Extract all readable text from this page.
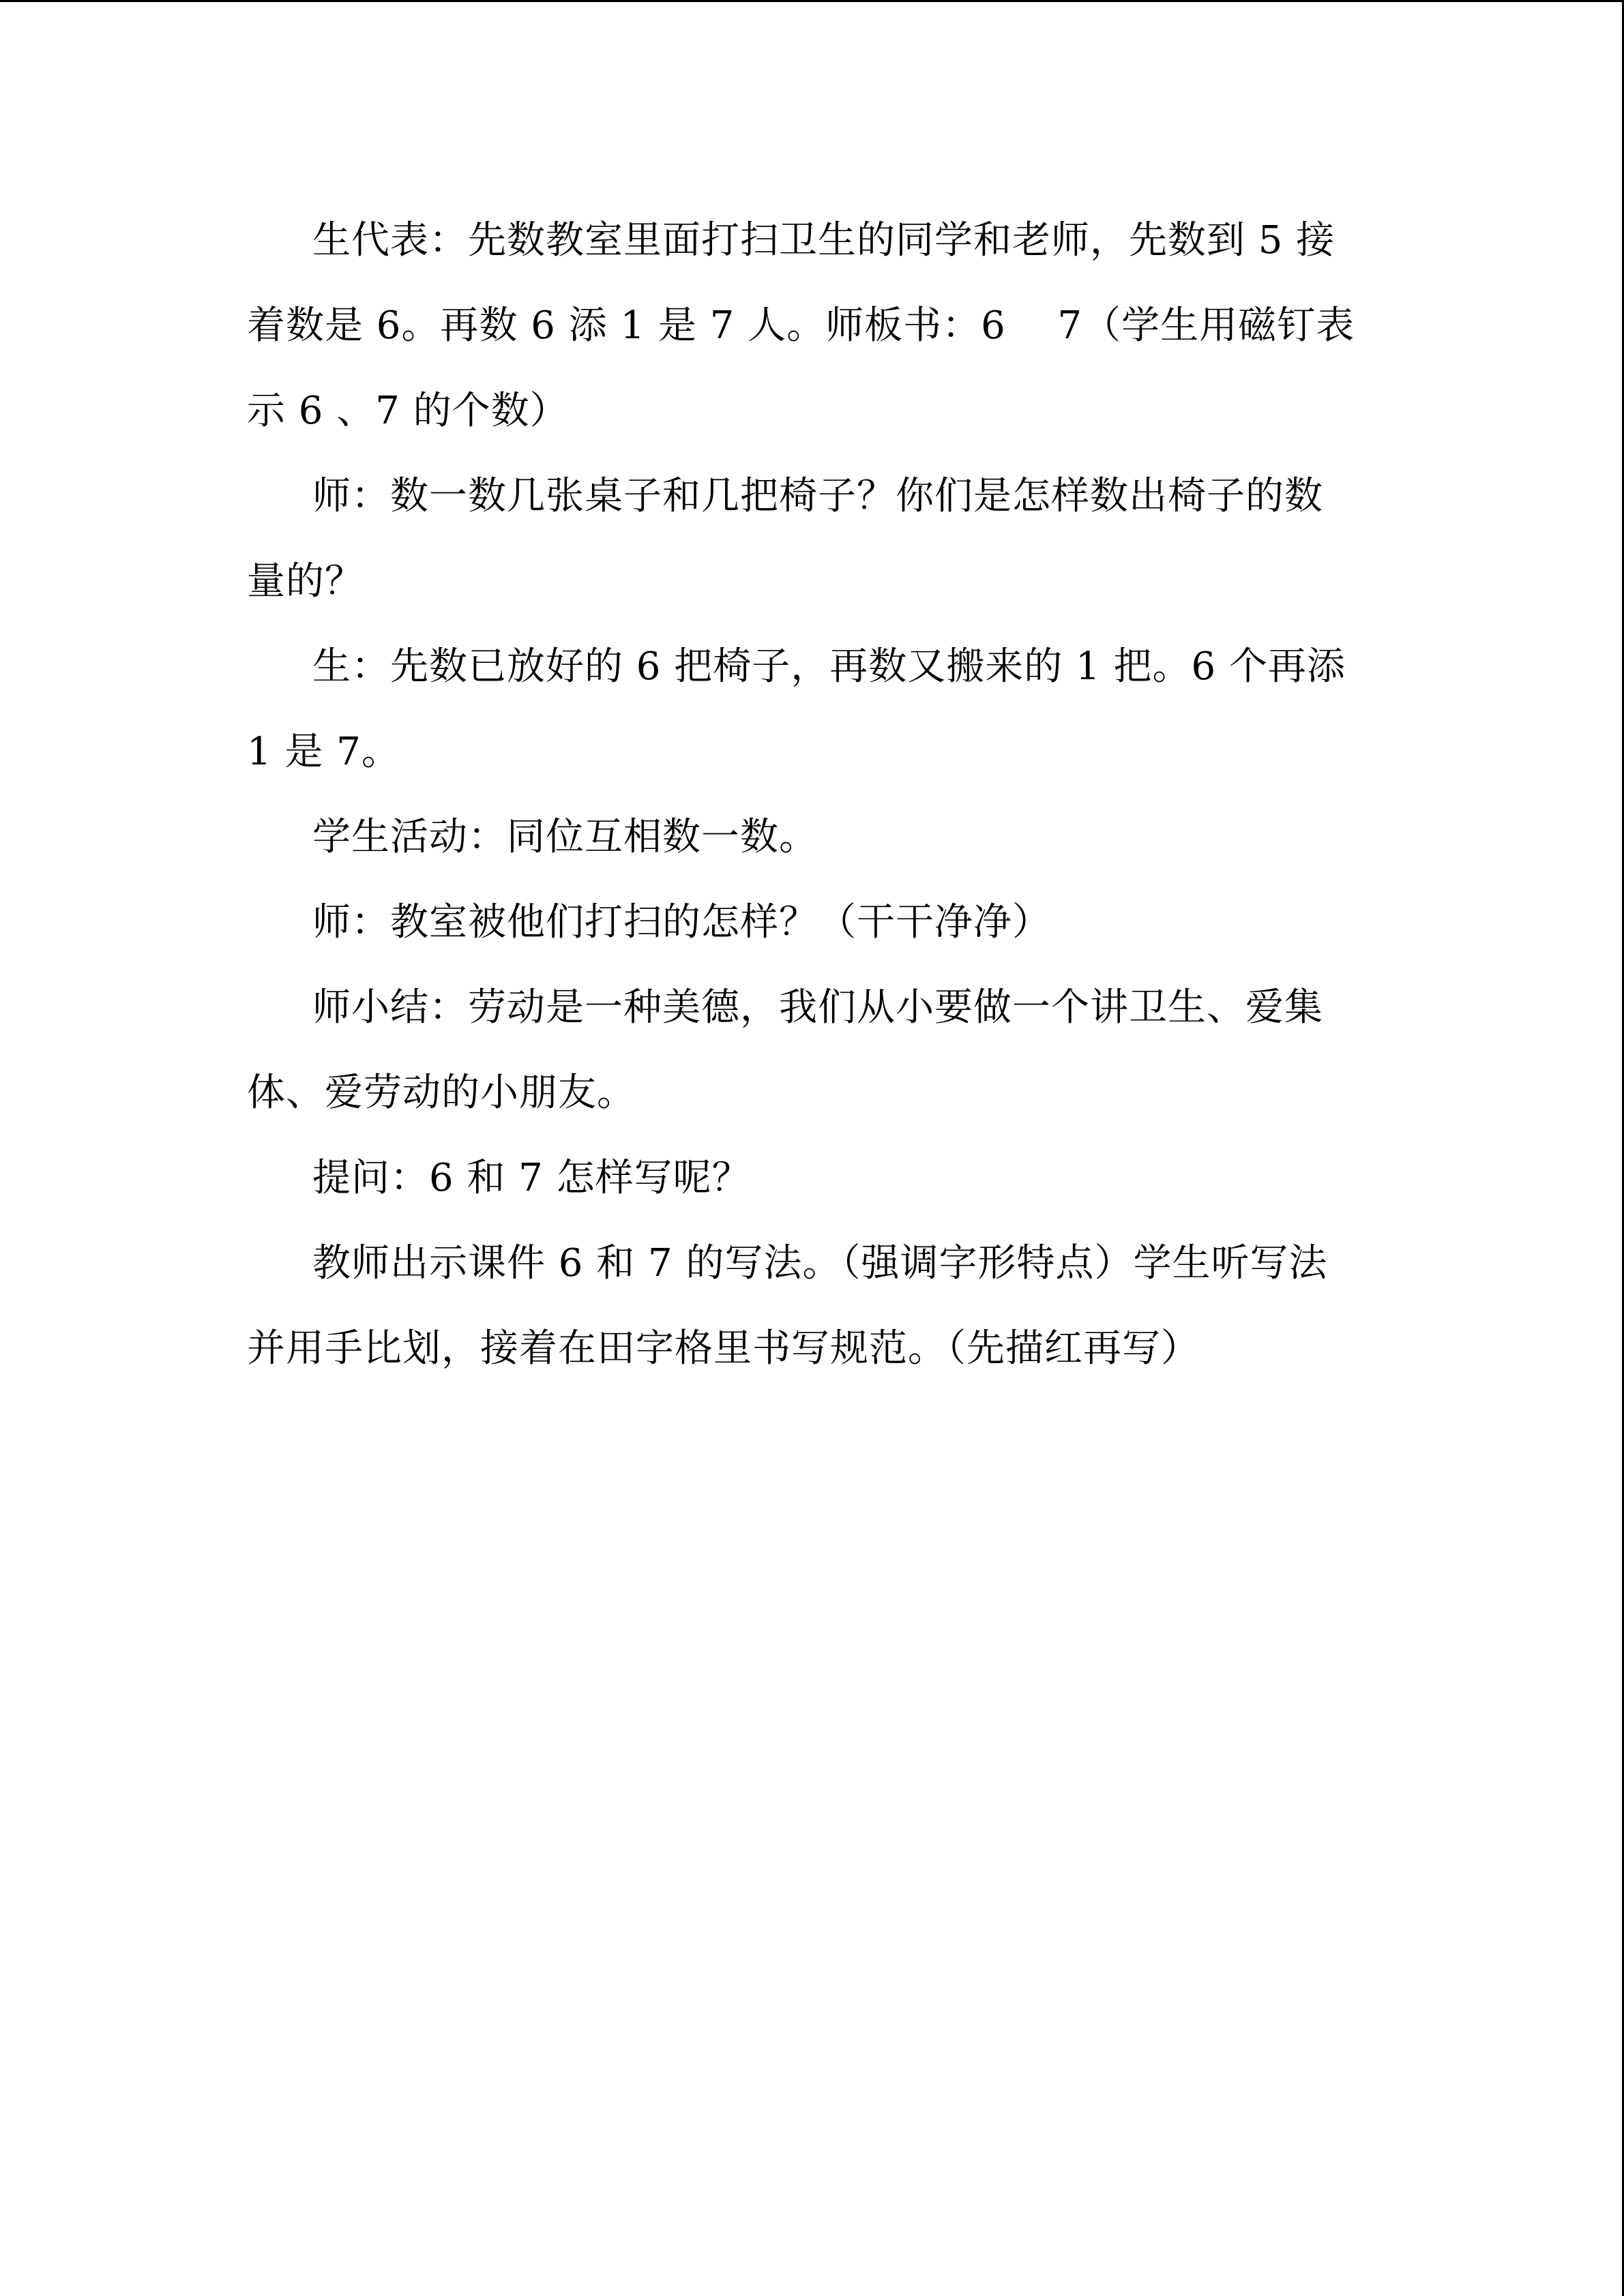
生代表：先数教室里面打扫卫生的同学和老师，先数到 5 接
着数是 6。再数 6 添 1 是 7 人。师板书：6　 7（学生用磁钉表
示 6 、7 的个数）

师：数一数几张桌子和几把椅子？你们是怎样数出椅子的数
量的？

生：先数已放好的 6 把椅子，再数又搬来的 1 把。6 个再添
1 是 7。

学生活动：同位互相数一数。

师：教室被他们打扫的怎样？（干干净净）

师小结：劳动是一种美德，我们从小要做一个讲卫生、爱集
体、爱劳动的小朋友。

提问：6 和 7 怎样写呢？

教师出示课件 6 和 7 的写法。（强调字形特点）学生听写法
并用手比划，接着在田字格里书写规范。（先描红再写）
